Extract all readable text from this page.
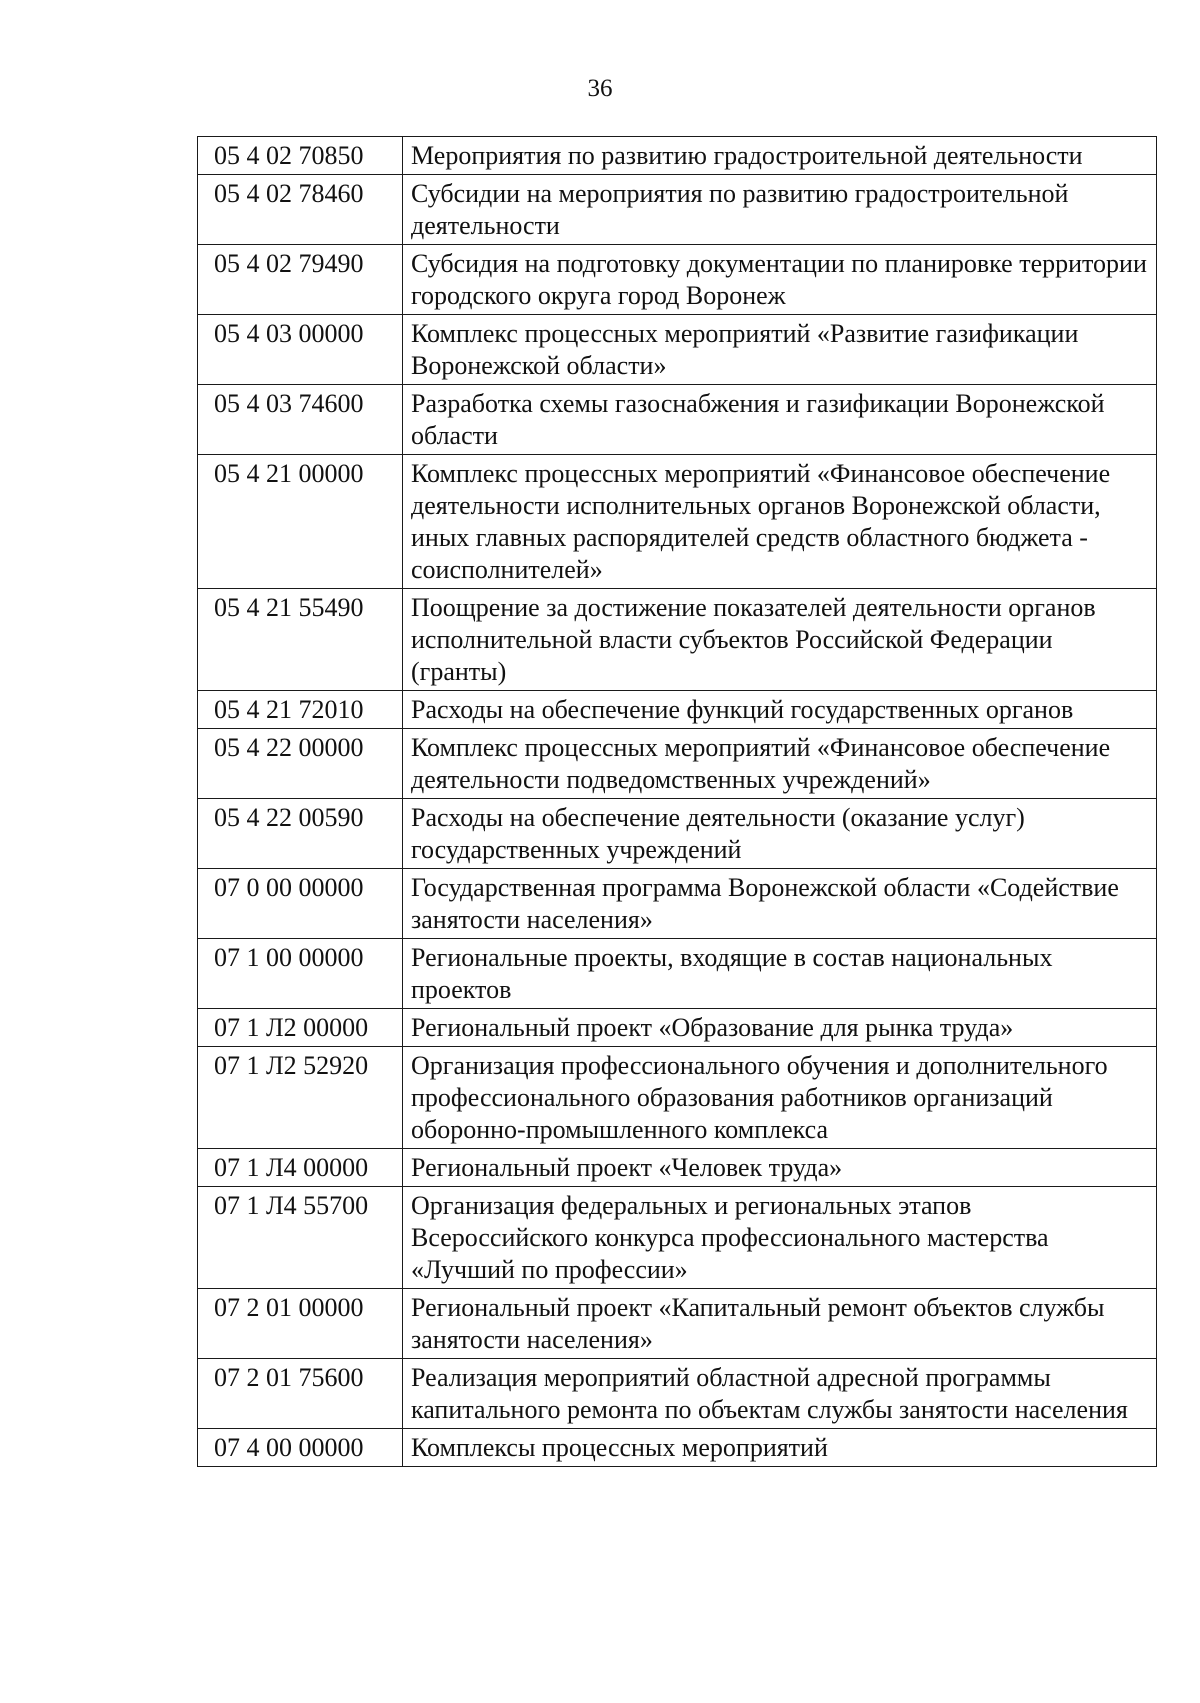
36
05 4 02 70850	Мероприятия по развитию градостроительной деятельности
05 4 02 78460	Субсидии на мероприятия по развитию градостроительной деятельности
05 4 02 79490	Субсидия на подготовку документации по планировке территории городского округа город Воронеж
05 4 03 00000	Комплекс процессных мероприятий «Развитие газификации Воронежской области»
05 4 03 74600	Разработка схемы газоснабжения и газификации Воронежской области
05 4 21 00000	Комплекс процессных мероприятий «Финансовое обеспечение деятельности исполнительных органов Воронежской области, иных главных распорядителей средств областного бюджета - соисполнителей»
05 4 21 55490	Поощрение за достижение показателей деятельности органов исполнительной власти субъектов Российской Федерации (гранты)
05 4 21 72010	Расходы на обеспечение функций государственных органов
05 4 22 00000	Комплекс процессных мероприятий «Финансовое обеспечение деятельности подведомственных учреждений»
05 4 22 00590	Расходы на обеспечение деятельности (оказание услуг) государственных учреждений
07 0 00 00000	Государственная программа Воронежской области «Содействие занятости населения»
07 1 00 00000	Региональные проекты, входящие в состав национальных проектов
07 1 Л2 00000	Региональный проект «Образование для рынка труда»
07 1 Л2 52920	Организация профессионального обучения и дополнительного профессионального образования работников организаций оборонно-промышленного комплекса
07 1 Л4 00000	Региональный проект «Человек труда»
07 1 Л4 55700	Организация федеральных и региональных этапов Всероссийского конкурса профессионального мастерства «Лучший по профессии»
07 2 01 00000	Региональный проект «Капитальный ремонт объектов службы занятости населения»
07 2 01 75600	Реализация мероприятий областной адресной программы капитального ремонта по объектам службы занятости населения
07 4 00 00000	Комплексы процессных мероприятий
